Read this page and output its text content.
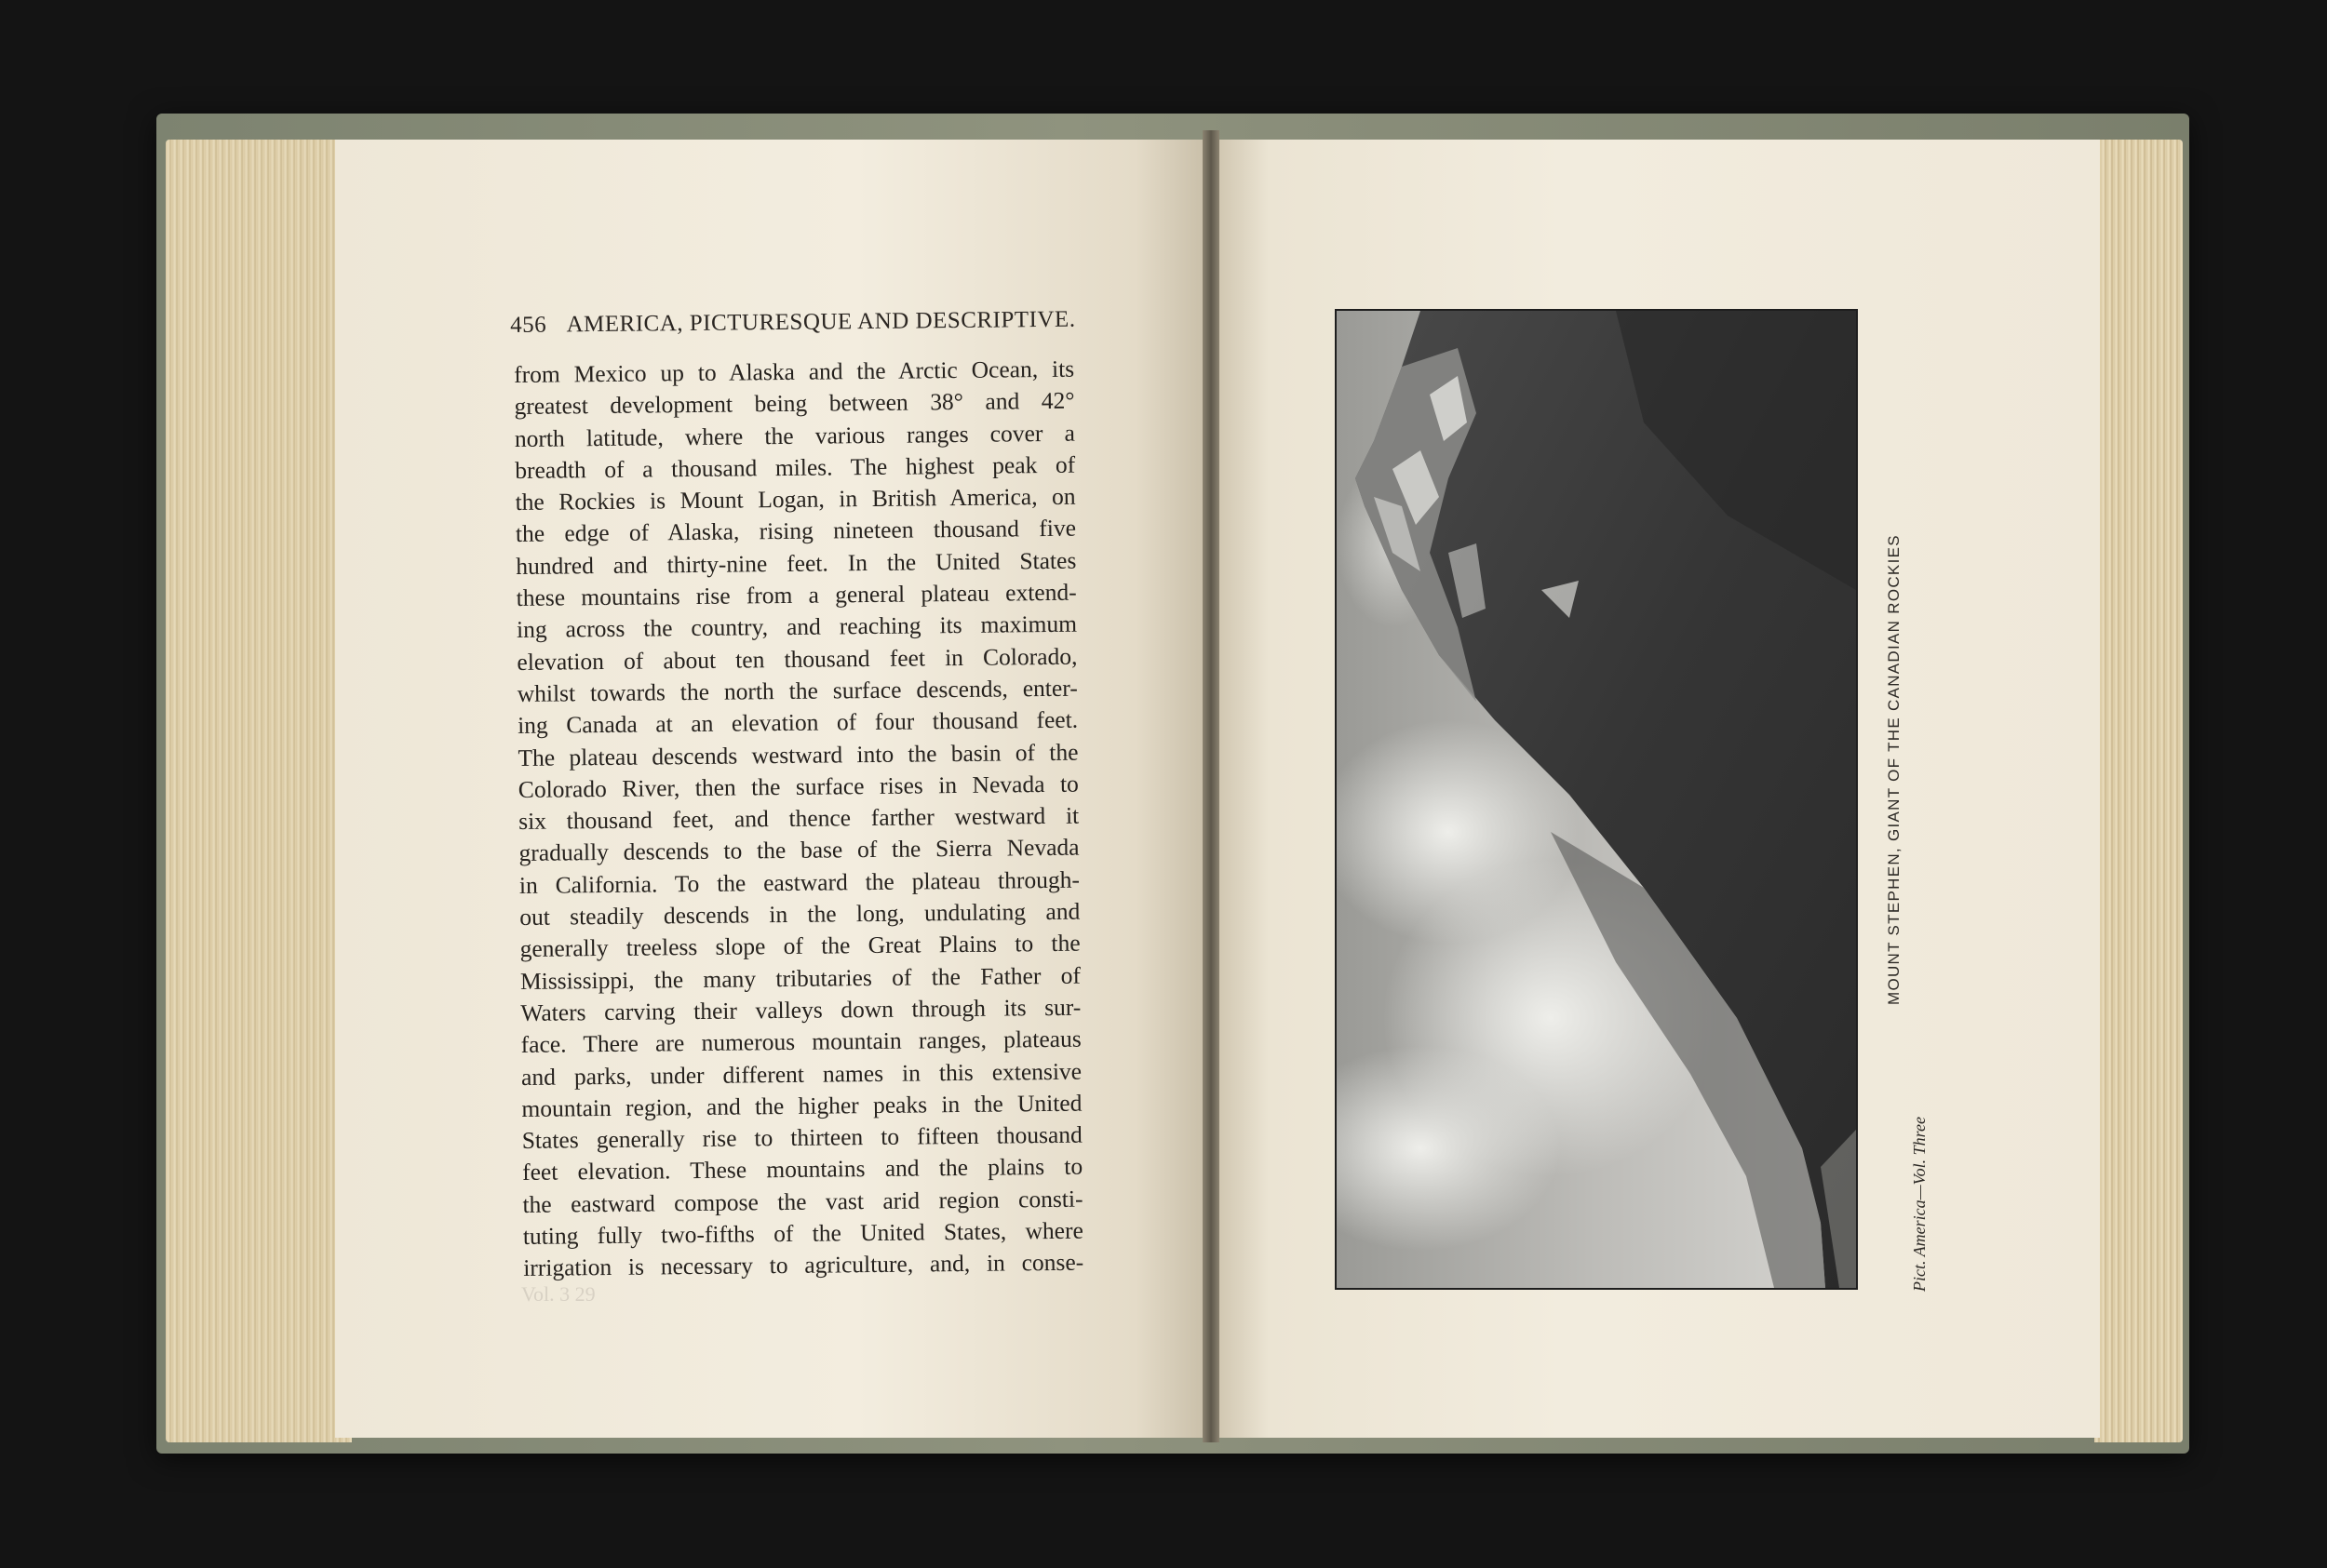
456 AMERICA, PICTURESQUE AND DESCRIPTIVE.
from Mexico up to Alaska and the Arctic Ocean, its
greatest development being between 38° and 42°
north latitude, where the various ranges cover a
breadth of a thousand miles. The highest peak of
the Rockies is Mount Logan, in British America, on
the edge of Alaska, rising nineteen thousand five
hundred and thirty-nine feet. In the United States
these mountains rise from a general plateau extend-
ing across the country, and reaching its maximum
elevation of about ten thousand feet in Colorado,
whilst towards the north the surface descends, enter-
ing Canada at an elevation of four thousand feet.
The plateau descends westward into the basin of the
Colorado River, then the surface rises in Nevada to
six thousand feet, and thence farther westward it
gradually descends to the base of the Sierra Nevada
in California. To the eastward the plateau through-
out steadily descends in the long, undulating and
generally treeless slope of the Great Plains to the
Mississippi, the many tributaries of the Father of
Waters carving their valleys down through its sur-
face. There are numerous mountain ranges, plateaus
and parks, under different names in this extensive
mountain region, and the higher peaks in the United
States generally rise to thirteen to fifteen thousand
feet elevation. These mountains and the plains to
the eastward compose the vast arid region consti-
tuting fully two-fifths of the United States, where
irrigation is necessary to agriculture, and, in conse-
Vol. 3 29
MOUNT STEPHEN, GIANT OF THE CANADIAN ROCKIES
Pict. America—Vol. Three
